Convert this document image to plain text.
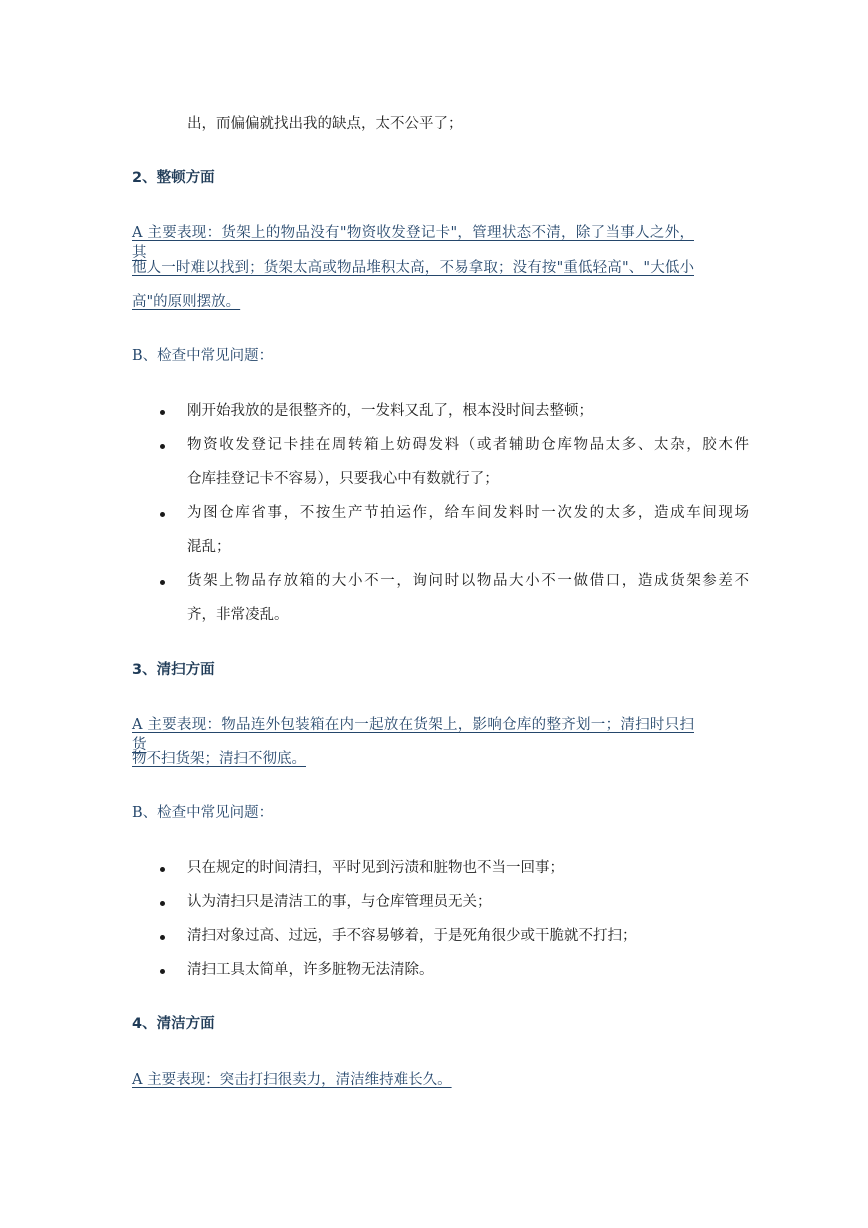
出，而偏偏就找出我的缺点，太不公平了；
2、整顿方面
A 主要表现：货架上的物品没有"物资收发登记卡"，管理状态不清，除了当事人之外，其
他人一时难以找到；货架太高或物品堆积太高，不易拿取；没有按"重低轻高"、"大低小
高"的原则摆放。
B、检查中常见问题：
刚开始我放的是很整齐的，一发料又乱了，根本没时间去整顿；
物资收发登记卡挂在周转箱上妨碍发料（或者辅助仓库物品太多、太杂，胶木件
仓库挂登记卡不容易），只要我心中有数就行了；
为图仓库省事，不按生产节拍运作，给车间发料时一次发的太多，造成车间现场
混乱；
货架上物品存放箱的大小不一，询问时以物品大小不一做借口，造成货架参差不
齐，非常凌乱。
3、清扫方面
A 主要表现：物品连外包装箱在内一起放在货架上，影响仓库的整齐划一；清扫时只扫货
物不扫货架；清扫不彻底。
B、检查中常见问题：
只在规定的时间清扫，平时见到污渍和脏物也不当一回事；
认为清扫只是清洁工的事，与仓库管理员无关；
清扫对象过高、过远，手不容易够着，于是死角很少或干脆就不打扫；
清扫工具太简单，许多脏物无法清除。
4、清洁方面
A 主要表现：突击打扫很卖力，清洁维持难长久。
